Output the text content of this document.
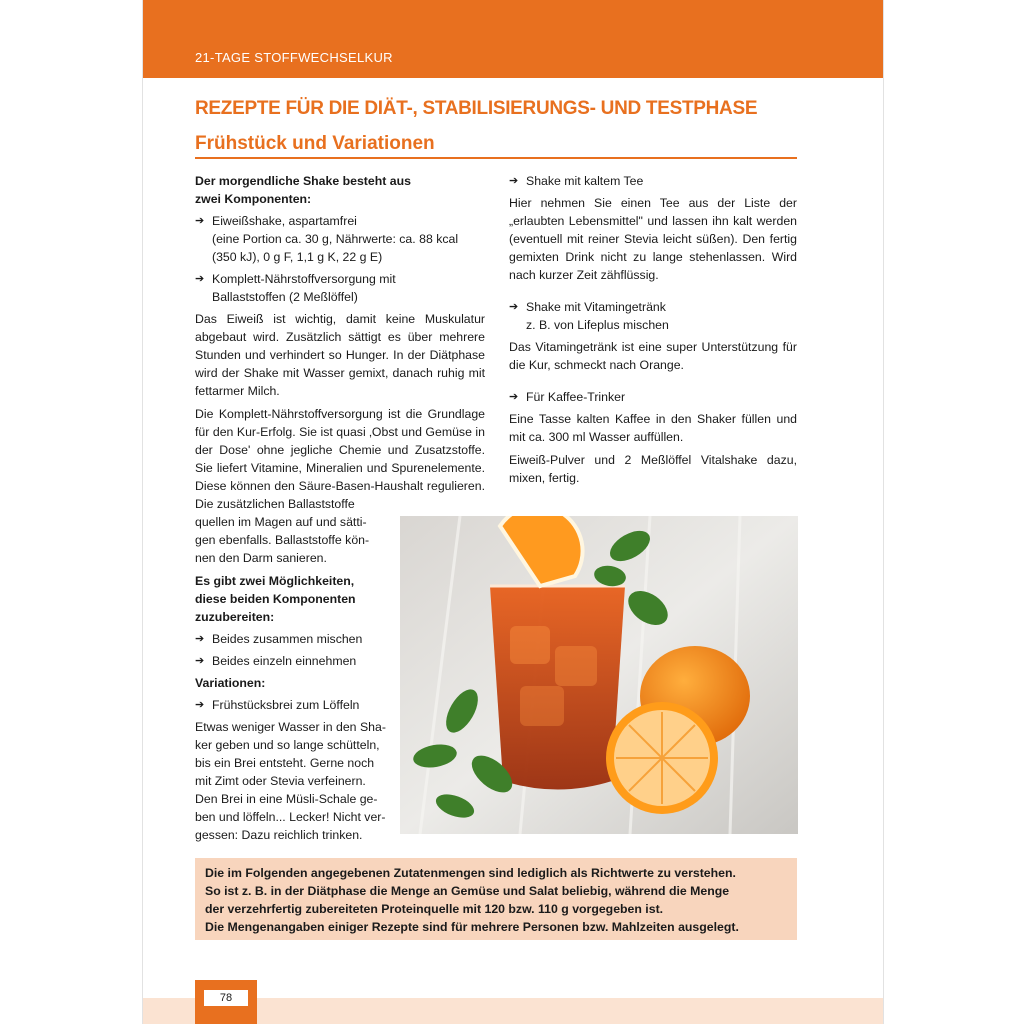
21-TAGE STOFFWECHSELKUR
REZEPTE FÜR DIE DIÄT-, STABILISIERUNGS- UND TESTPHASE
Frühstück und Variationen

Der morgendliche Shake besteht aus
zwei Komponenten:

➔ Eiweißshake, aspartamfrei
(eine Portion ca. 30 g, Nährwerte: ca. 88 kcal
(350 kJ), 0 g F, 1,1 g K, 22 g E)
➔ Komplett-Nährstoffversorgung mit
Ballaststoffen (2 Meßlöffel)

Das Eiweiß ist wichtig, damit keine Muskulatur abgebaut wird. Zusätzlich sättigt es über mehrere Stunden und verhindert so Hunger. In der Diätphase wird der Shake mit Wasser gemixt, danach ruhig mit fettarmer Milch.

Die Komplett-Nährstoffversorgung ist die Grundlage für den Kur-Erfolg. Sie ist quasi ‚Obst und Gemüse in der Dose' ohne jegliche Chemie und Zusatzstoffe. Sie liefert Vitamine, Mineralien und Spurenelemente. Diese können den Säure-Basen-Haushalt regulieren. Die zusätzlichen Ballaststoffe

quellen im Magen auf und sätti-
gen ebenfalls. Ballaststoffe kön-
nen den Darm sanieren.

Es gibt zwei Möglichkeiten,
diese beiden Komponenten
zuzubereiten:

➔ Beides zusammen mischen
➔ Beides einzeln einnehmen

Variationen:

➔ Frühstücksbrei zum Löffeln
Etwas weniger Wasser in den Sha-
ker geben und so lange schütteln,
bis ein Brei entsteht. Gerne noch
mit Zimt oder Stevia verfeinern.
Den Brei in eine Müsli-Schale ge-
ben und löffeln... Lecker! Nicht ver-
gessen: Dazu reichlich trinken.
➔ Shake mit kaltem Tee

Hier nehmen Sie einen Tee aus der Liste der „erlaubten Lebensmittel" und lassen ihn kalt werden (eventuell mit reiner Stevia leicht süßen). Den fertig gemixten Drink nicht zu lange stehenlassen. Wird nach kurzer Zeit zähflüssig.

➔ Shake mit Vitamingetränk
z. B. von Lifeplus mischen

Das Vitamingetränk ist eine super Unterstützung für die Kur, schmeckt nach Orange.

➔ Für Kaffee-Trinker

Eine Tasse kalten Kaffee in den Shaker füllen und mit ca. 300 ml Wasser auffüllen.

Eiweiß-Pulver und 2 Meßlöffel Vitalshake dazu, mixen, fertig.

Die im Folgenden angegebenen Zutatenmengen sind lediglich als Richtwerte zu verstehen.
So ist z. B. in der Diätphase die Menge an Gemüse und Salat beliebig, während die Menge
der verzehrfertig zubereiteten Proteinquelle mit 120 bzw. 110 g vorgegeben ist.
Die Mengenangaben einiger Rezepte sind für mehrere Personen bzw. Mahlzeiten ausgelegt.

78
